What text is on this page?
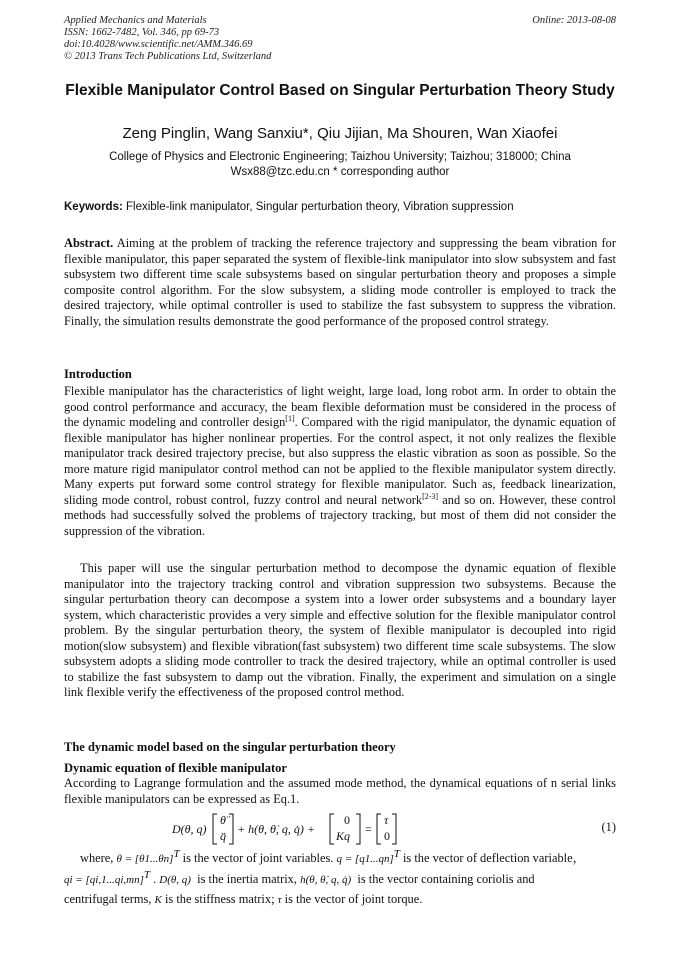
Applied Mechanics and Materials
ISSN: 1662-7482, Vol. 346, pp 69-73
doi:10.4028/www.scientific.net/AMM.346.69
© 2013 Trans Tech Publications Ltd, Switzerland
Online: 2013-08-08
Flexible Manipulator Control Based on Singular Perturbation Theory Study
Zeng Pinglin, Wang Sanxiu*, Qiu Jijian, Ma Shouren, Wan Xiaofei
College of Physics and Electronic Engineering; Taizhou University; Taizhou; 318000; China
Wsx88@tzc.edu.cn * corresponding author
Keywords: Flexible-link manipulator, Singular perturbation theory, Vibration suppression
Abstract. Aiming at the problem of tracking the reference trajectory and suppressing the beam vibration for flexible manipulator, this paper separated the system of flexible-link manipulator into slow subsystem and fast subsystem two different time scale subsystems based on singular perturbation theory and proposes a simple composite control algorithm. For the slow subsystem, a sliding mode controller is employed to track the desired trajectory, while optimal controller is used to stabilize the fast subsystem to suppress the vibration. Finally, the simulation results demonstrate the good performance of the proposed control strategy.
Introduction
Flexible manipulator has the characteristics of light weight, large load, long robot arm. In order to obtain the good control performance and accuracy, the beam flexible deformation must be considered in the process of the dynamic modeling and controller design[1]. Compared with the rigid manipulator, the dynamic equation of flexible manipulator has higher nonlinear properties. For the control aspect, it not only realizes the flexible manipulator track desired trajectory precise, but also suppress the elastic vibration as soon as possible. So the more mature rigid manipulator control method can not be applied to the flexible manipulator system directly. Many experts put forward some control strategy for flexible manipulator. Such as, feedback linearization, sliding mode control, robust control, fuzzy control and neural network[2-3] and so on. However, these control methods had successfully solved the problems of trajectory tracking, but most of them did not consider the suppression of the vibration.
This paper will use the singular perturbation method to decompose the dynamic equation of flexible manipulator into the trajectory tracking control and vibration suppression two subsystems. Because the singular perturbation theory can decompose a system into a lower order subsystems and a boundary layer system, which characteristic provides a very simple and effective solution for the flexible manipulator control problem. By the singular perturbation theory, the system of flexible manipulator is decoupled into rigid motion(slow subsystem) and flexible vibration(fast subsystem) two different time scale subsystems. The slow subsystem adopts a sliding mode controller to track the desired trajectory, while an optimal controller is used to stabilize the fast subsystem to damp out the vibration. Finally, the experiment and simulation on a single link flexible verify the effectiveness of the proposed control method.
The dynamic model based on the singular perturbation theory
Dynamic equation of flexible manipulator
According to Lagrange formulation and the assumed mode method, the dynamical equations of n serial links flexible manipulators can be expressed as Eq.1.
D(θ, q)
θ̈
q̈ + h(θ, θ̇, q, q̇) +
0
Kq =
τ
0
(1)
where, $\theta = [\theta 1...\theta n]^T$ is the vector of joint variables. $q = [q1...qn]^T$ is the vector of deflection variable，
qi = $[qi,1...qi,mn]^T$ . D(θ, q) is the inertia matrix, h(θ, θ̇, q, q̇)  is the vector containing coriolis and
centrifugal terms, K is the stiffness matrix; τ is the vector of joint torque.
